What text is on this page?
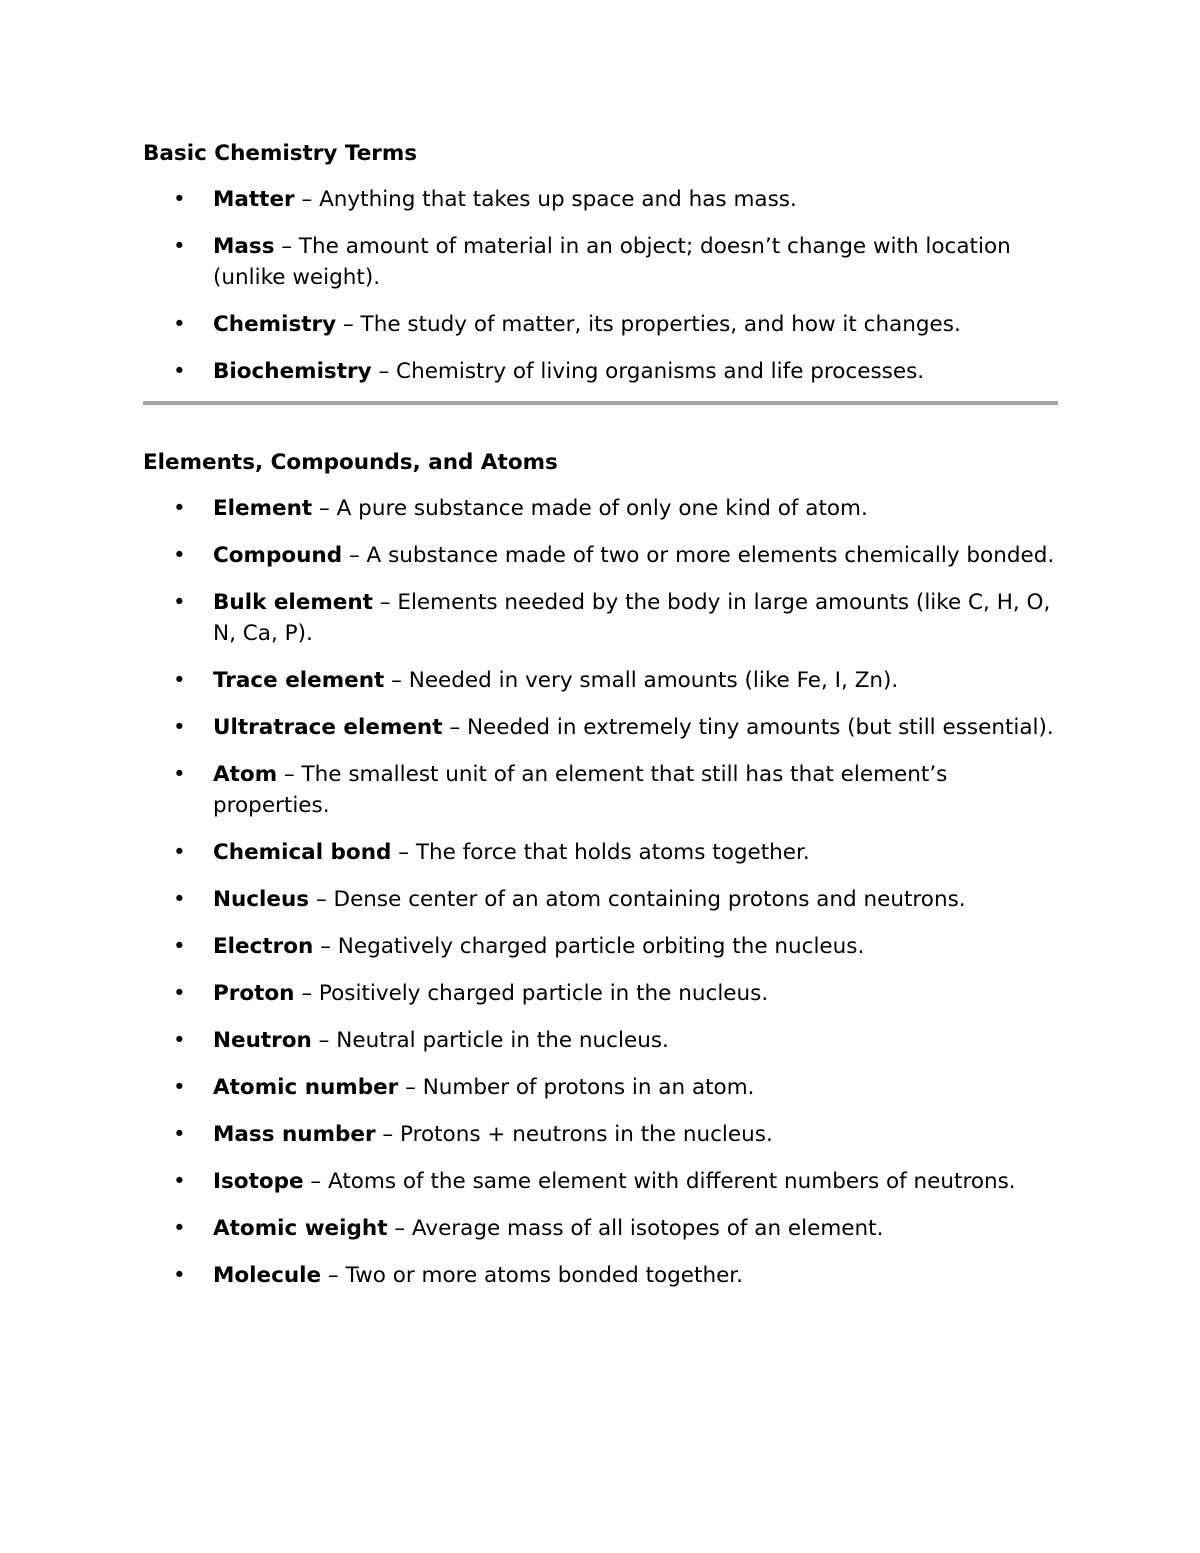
Basic Chemistry Terms
• Matter – Anything that takes up space and has mass.
• Mass – The amount of material in an object; doesn’t change with location (unlike weight).
• Chemistry – The study of matter, its properties, and how it changes.
• Biochemistry – Chemistry of living organisms and life processes.
Elements, Compounds, and Atoms
• Element – A pure substance made of only one kind of atom.
• Compound – A substance made of two or more elements chemically bonded.
• Bulk element – Elements needed by the body in large amounts (like C, H, O, N, Ca, P).
• Trace element – Needed in very small amounts (like Fe, I, Zn).
• Ultratrace element – Needed in extremely tiny amounts (but still essential).
• Atom – The smallest unit of an element that still has that element’s properties.
• Chemical bond – The force that holds atoms together.
• Nucleus – Dense center of an atom containing protons and neutrons.
• Electron – Negatively charged particle orbiting the nucleus.
• Proton – Positively charged particle in the nucleus.
• Neutron – Neutral particle in the nucleus.
• Atomic number – Number of protons in an atom.
• Mass number – Protons + neutrons in the nucleus.
• Isotope – Atoms of the same element with different numbers of neutrons.
• Atomic weight – Average mass of all isotopes of an element.
• Molecule – Two or more atoms bonded together.
